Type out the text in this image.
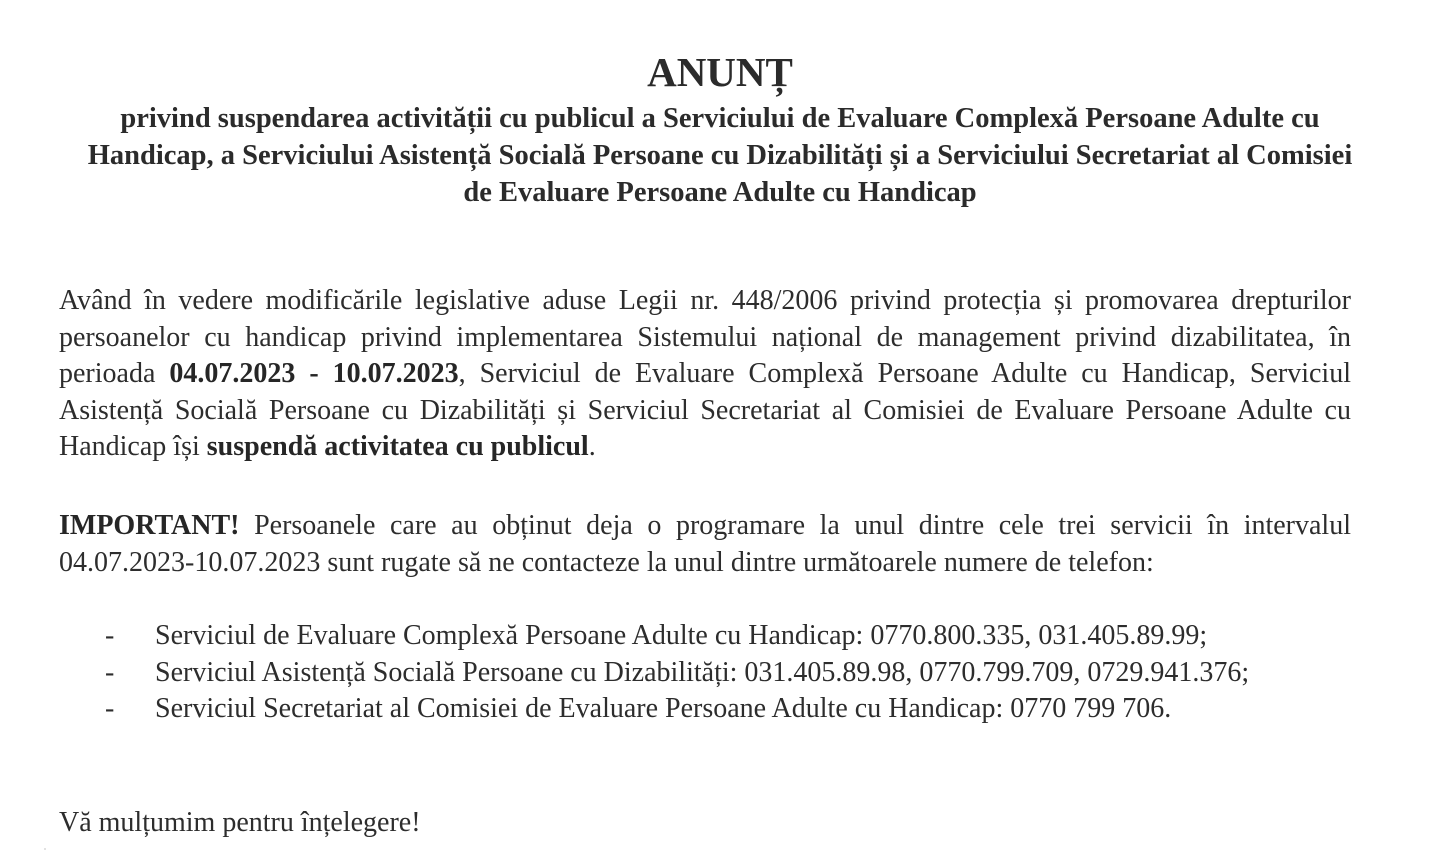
ANUNȚ
privind suspendarea activității cu publicul a Serviciului de Evaluare Complexă Persoane Adulte cu Handicap, a Serviciului Asistență Socială Persoane cu Dizabilități și a Serviciului Secretariat al Comisiei de Evaluare Persoane Adulte cu Handicap
Având în vedere modificările legislative aduse Legii nr. 448/2006 privind protecția și promovarea drepturilor persoanelor cu handicap privind implementarea Sistemului național de management privind dizabilitatea, în perioada 04.07.2023 - 10.07.2023, Serviciul de Evaluare Complexă Persoane Adulte cu Handicap, Serviciul Asistență Socială Persoane cu Dizabilități și Serviciul Secretariat al Comisiei de Evaluare Persoane Adulte cu Handicap își suspendă activitatea cu publicul.
IMPORTANT! Persoanele care au obținut deja o programare la unul dintre cele trei servicii în intervalul 04.07.2023-10.07.2023 sunt rugate să ne contacteze la unul dintre următoarele numere de telefon:
- Serviciul de Evaluare Complexă Persoane Adulte cu Handicap: 0770.800.335, 031.405.89.99;
- Serviciul Asistență Socială Persoane cu Dizabilități: 031.405.89.98, 0770.799.709, 0729.941.376;
- Serviciul Secretariat al Comisiei de Evaluare Persoane Adulte cu Handicap: 0770 799 706.
Vă mulțumim pentru înțelegere!
